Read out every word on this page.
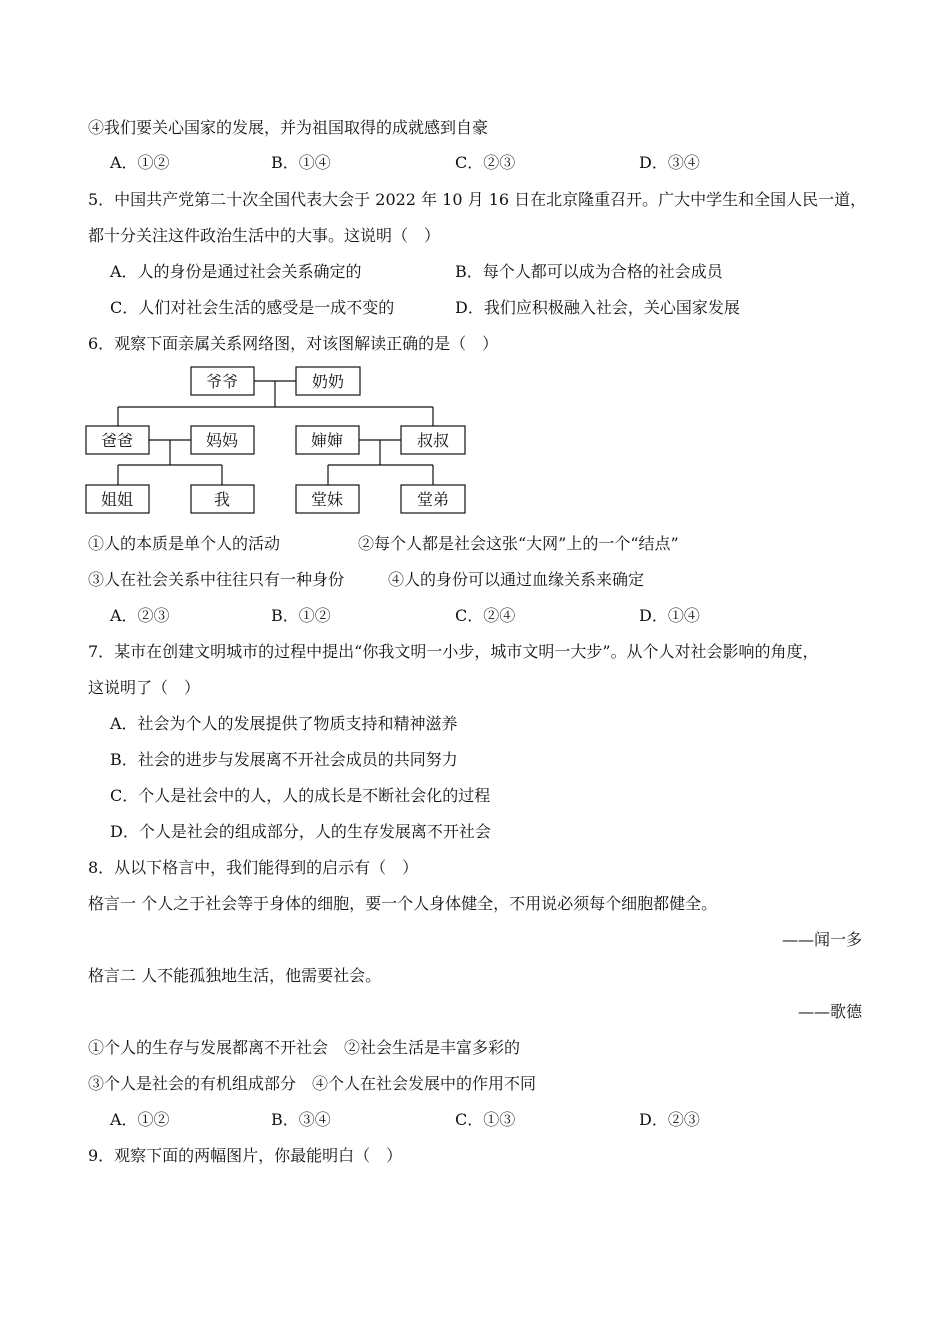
④我们要关心国家的发展，并为祖国取得的成就感到自豪
A．①②	B．①④	C．②③	D．③④
5．中国共产党第二十次全国代表大会于 2022 年 10 月 16 日在北京隆重召开。广大中学生和全国人民一道，
都十分关注这件政治生活中的大事。这说明（　）
A．人的身份是通过社会关系确定的	B．每个人都可以成为合格的社会成员
C．人们对社会生活的感受是一成不变的	D．我们应积极融入社会，关心国家发展
6．观察下面亲属关系网络图，对该图解读正确的是（　）
爷爷	奶奶
爸爸	妈妈	婶婶	叔叔
姐姐	我	堂妹	堂弟
①人的本质是单个人的活动	②每个人都是社会这张“大网”上的一个“结点”
③人在社会关系中往往只有一种身份	④人的身份可以通过血缘关系来确定
A．②③	B．①②	C．②④	D．①④
7．某市在创建文明城市的过程中提出“你我文明一小步，城市文明一大步”。从个人对社会影响的角度，
这说明了（　）
A．社会为个人的发展提供了物质支持和精神滋养
B．社会的进步与发展离不开社会成员的共同努力
C．个人是社会中的人，人的成长是不断社会化的过程
D．个人是社会的组成部分，人的生存发展离不开社会
8．从以下格言中，我们能得到的启示有（　）
格言一 个人之于社会等于身体的细胞，要一个人身体健全，不用说必须每个细胞都健全。
——闻一多
格言二 人不能孤独地生活，他需要社会。
——歌德
①个人的生存与发展都离不开社会　②社会生活是丰富多彩的
③个人是社会的有机组成部分　④个人在社会发展中的作用不同
A．①②	B．③④	C．①③	D．②③
9．观察下面的两幅图片，你最能明白（　）
